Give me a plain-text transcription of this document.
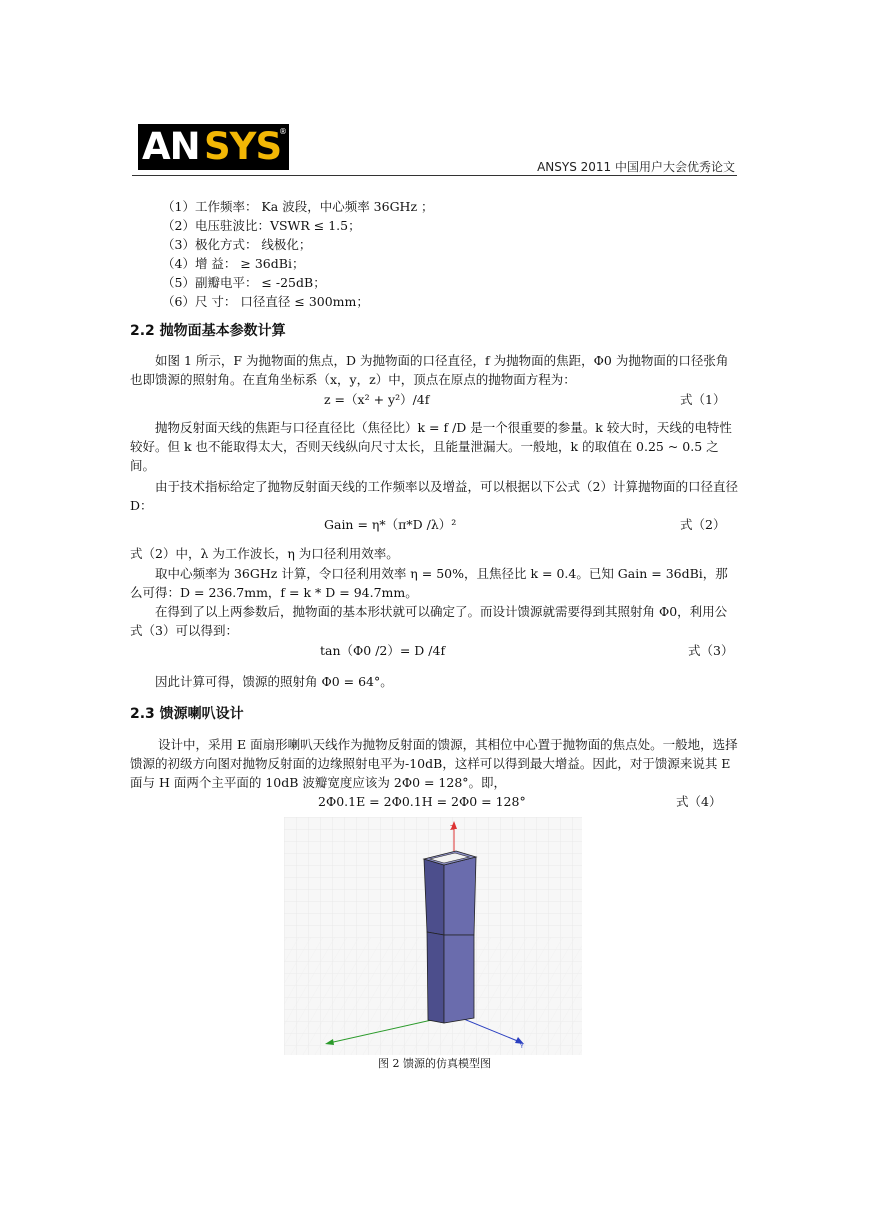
AN SYS
®
ANSYS 2011 中国用户大会优秀论文
（1）工作频率： Ka 波段，中心频率 36GHz ；
（2）电压驻波比：VSWR ≤ 1.5；
（3）极化方式： 线极化；
（4）增 益： ≥ 36dBi；
（5）副瓣电平： ≤ -25dB；
（6）尺 寸： 口径直径 ≤ 300mm；
2.2 抛物面基本参数计算
如图 1 所示，F 为抛物面的焦点，D 为抛物面的口径直径，f 为抛物面的焦距，Φ0 为抛物面的口径张角也即馈源的照射角。在直角坐标系（x，y，z）中，顶点在原点的抛物面方程为：
z =（x² + y²）/4f	式（1）
抛物反射面天线的焦距与口径直径比（焦径比）k = f /D 是一个很重要的参量。k 较大时，天线的电特性较好。但 k 也不能取得太大，否则天线纵向尺寸太长，且能量泄漏大。一般地，k 的取值在 0.25 ~ 0.5 之间。
由于技术指标给定了抛物反射面天线的工作频率以及增益，可以根据以下公式（2）计算抛物面的口径直径 D：
Gain = η*（π*D /λ）²	式（2）
式（2）中，λ 为工作波长，η 为口径利用效率。
取中心频率为 36GHz 计算，令口径利用效率 η = 50%，且焦径比 k = 0.4。已知 Gain = 36dBi，那么可得：D = 236.7mm，f = k * D = 94.7mm。
在得到了以上两参数后，抛物面的基本形状就可以确定了。而设计馈源就需要得到其照射角 Φ0，利用公式（3）可以得到：
tan（Φ0 /2）= D /4f	式（3）
因此计算可得，馈源的照射角 Φ0 = 64°。
2.3 馈源喇叭设计
设计中，采用 E 面扇形喇叭天线作为抛物反射面的馈源，其相位中心置于抛物面的焦点处。一般地，选择馈源的初级方向图对抛物反射面的边缘照射电平为-10dB，这样可以得到最大增益。因此，对于馈源来说其 E 面与 H 面两个主平面的 10dB 波瓣宽度应该为 2Φ0 = 128°。即，
2Φ0.1E = 2Φ0.1H = 2Φ0 = 128°	式（4）
Z
Y
图 2 馈源的仿真模型图
